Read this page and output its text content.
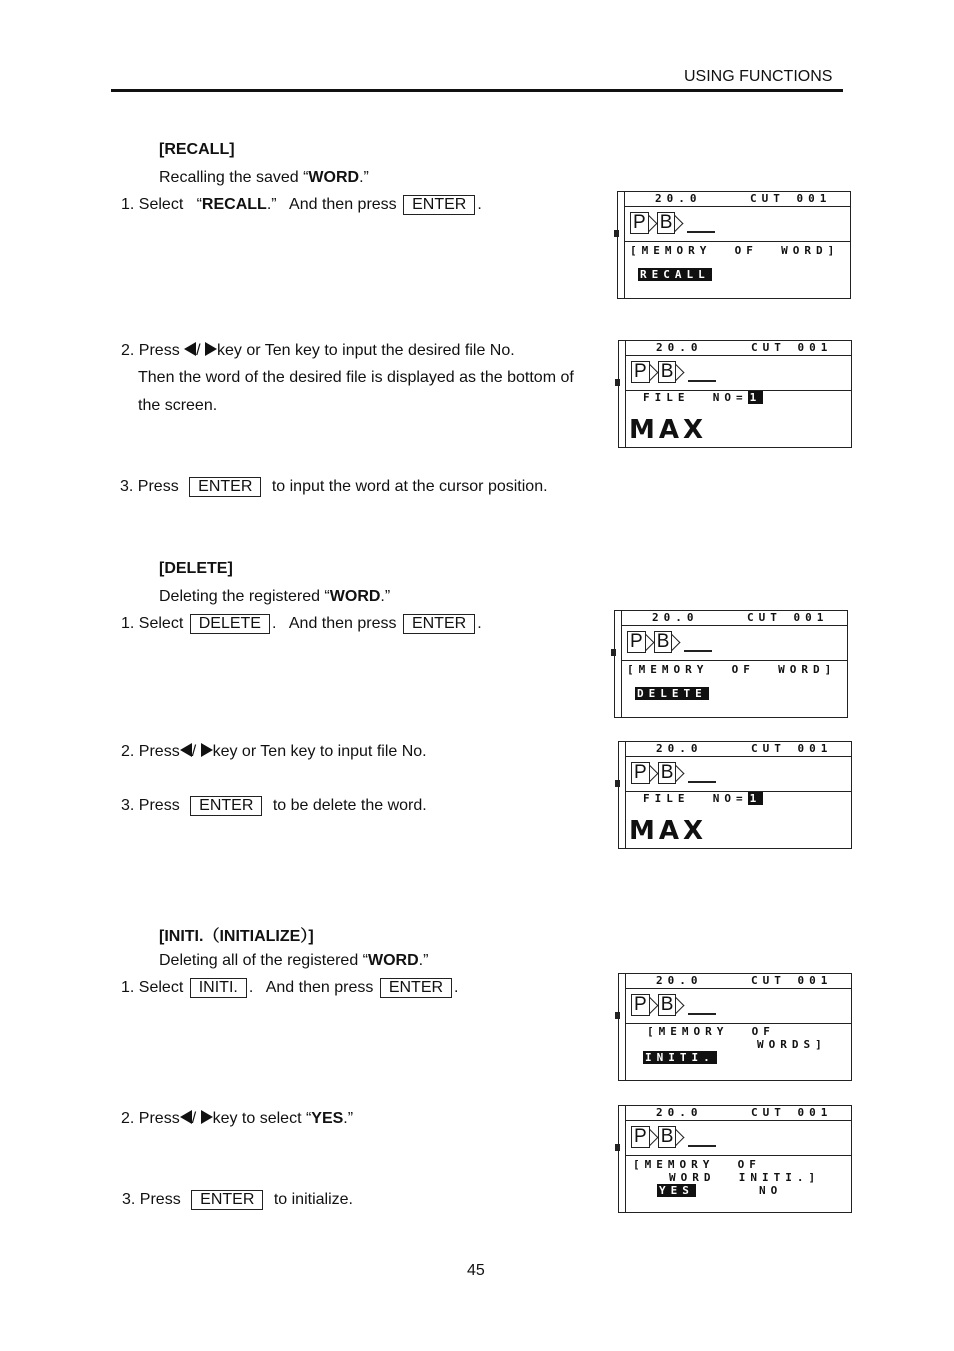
USING FUNCTIONS
[RECALL]
Recalling the saved “WORD.”
1. Select   “RECALL.”   And then press ENTER .
2. Press / key or Ten key to input the desired file No.
Then the word of the desired file is displayed as the bottom of
the screen.
3. Press ENTER to input the word at the cursor position.
20.0	CUT 001
P B
[MEMORY  OF  WORD]
RECALL
20.0	CUT 001
P B
FILE  NO= 1
MAX
[DELETE]
Deleting the registered “WORD.”
1. Select DELETE .   And then press ENTER .
2. Press / key or Ten key to input file No.
3. Press ENTER to be delete the word.
20.0	CUT 001
P B
[MEMORY  OF  WORD]
DELETE
20.0	CUT 001
P B
FILE  NO= 1
MAX
[INITI.（INITIALIZE）]
Deleting all of the registered “WORD.”
1. Select INITI. .   And then press ENTER .
2. Press / key to select “YES.”
3. Press ENTER to initialize.
20.0	CUT 001
P B
[MEMORY  OF
WORDS]
INITI.
20.0	CUT 001
P B
[MEMORY  OF
WORD  INITI.]
YES	NO
45
